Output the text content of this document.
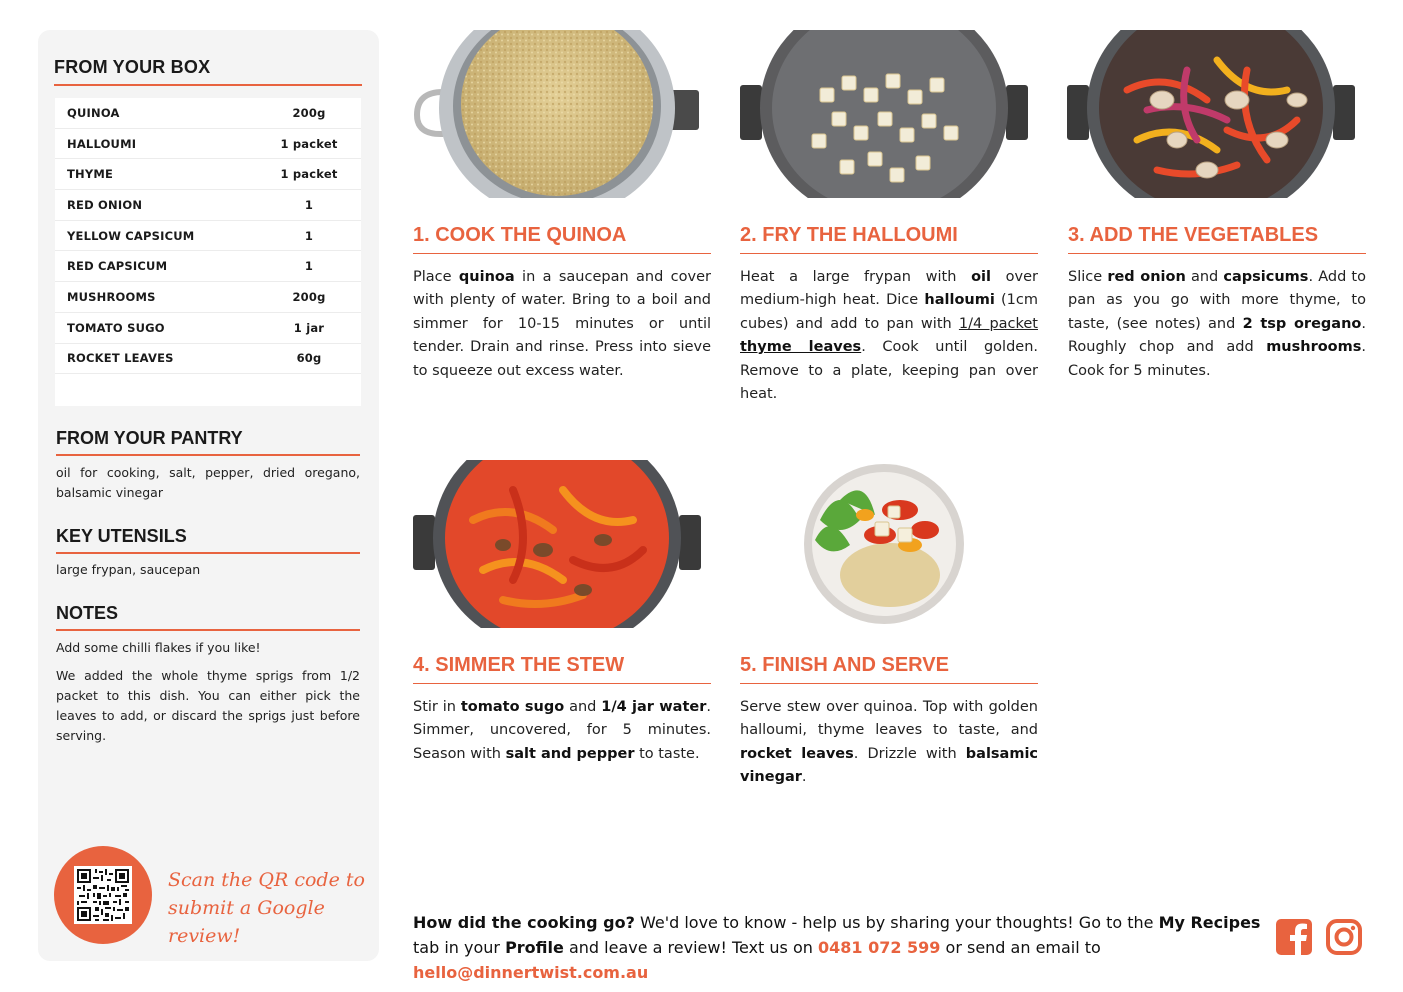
FROM YOUR BOX
QUINOA	200g
HALLOUMI	1 packet
THYME	1 packet
RED ONION	1
YELLOW CAPSICUM	1
RED CAPSICUM	1
MUSHROOMS	200g
TOMATO SUGO	1 jar
ROCKET LEAVES	60g
FROM YOUR PANTRY
oil for cooking, salt, pepper, dried oregano, balsamic vinegar
KEY UTENSILS
large frypan, saucepan
NOTES
Add some chilli flakes if you like!
We added the whole thyme sprigs from 1/2 packet to this dish. You can either pick the leaves to add, or discard the sprigs just before serving.
Scan the QR code to
submit a Google review!
1. COOK THE QUINOA
Place quinoa in a saucepan and cover with plenty of water. Bring to a boil and simmer for 10-15 minutes or until tender. Drain and rinse. Press into sieve to squeeze out excess water.
2. FRY THE HALLOUMI
Heat a large frypan with oil over medium-high heat. Dice halloumi (1cm cubes) and add to pan with 1/4 packet thyme leaves. Cook until golden. Remove to a plate, keeping pan over heat.
3. ADD THE VEGETABLES
Slice red onion and capsicums. Add to pan as you go with more thyme, to taste, (see notes) and 2 tsp oregano. Roughly chop and add mushrooms. Cook for 5 minutes.
4. SIMMER THE STEW
Stir in tomato sugo and 1/4 jar water. Simmer, uncovered, for 5 minutes. Season with salt and pepper to taste.
5. FINISH AND SERVE
Serve stew over quinoa. Top with golden halloumi, thyme leaves to taste, and rocket leaves. Drizzle with balsamic vinegar.
How did the cooking go? We'd love to know - help us by sharing your thoughts! Go to the My Recipes tab in your Profile and leave a review! Text us on 0481 072 599 or send an email to hello@dinnertwist.com.au
